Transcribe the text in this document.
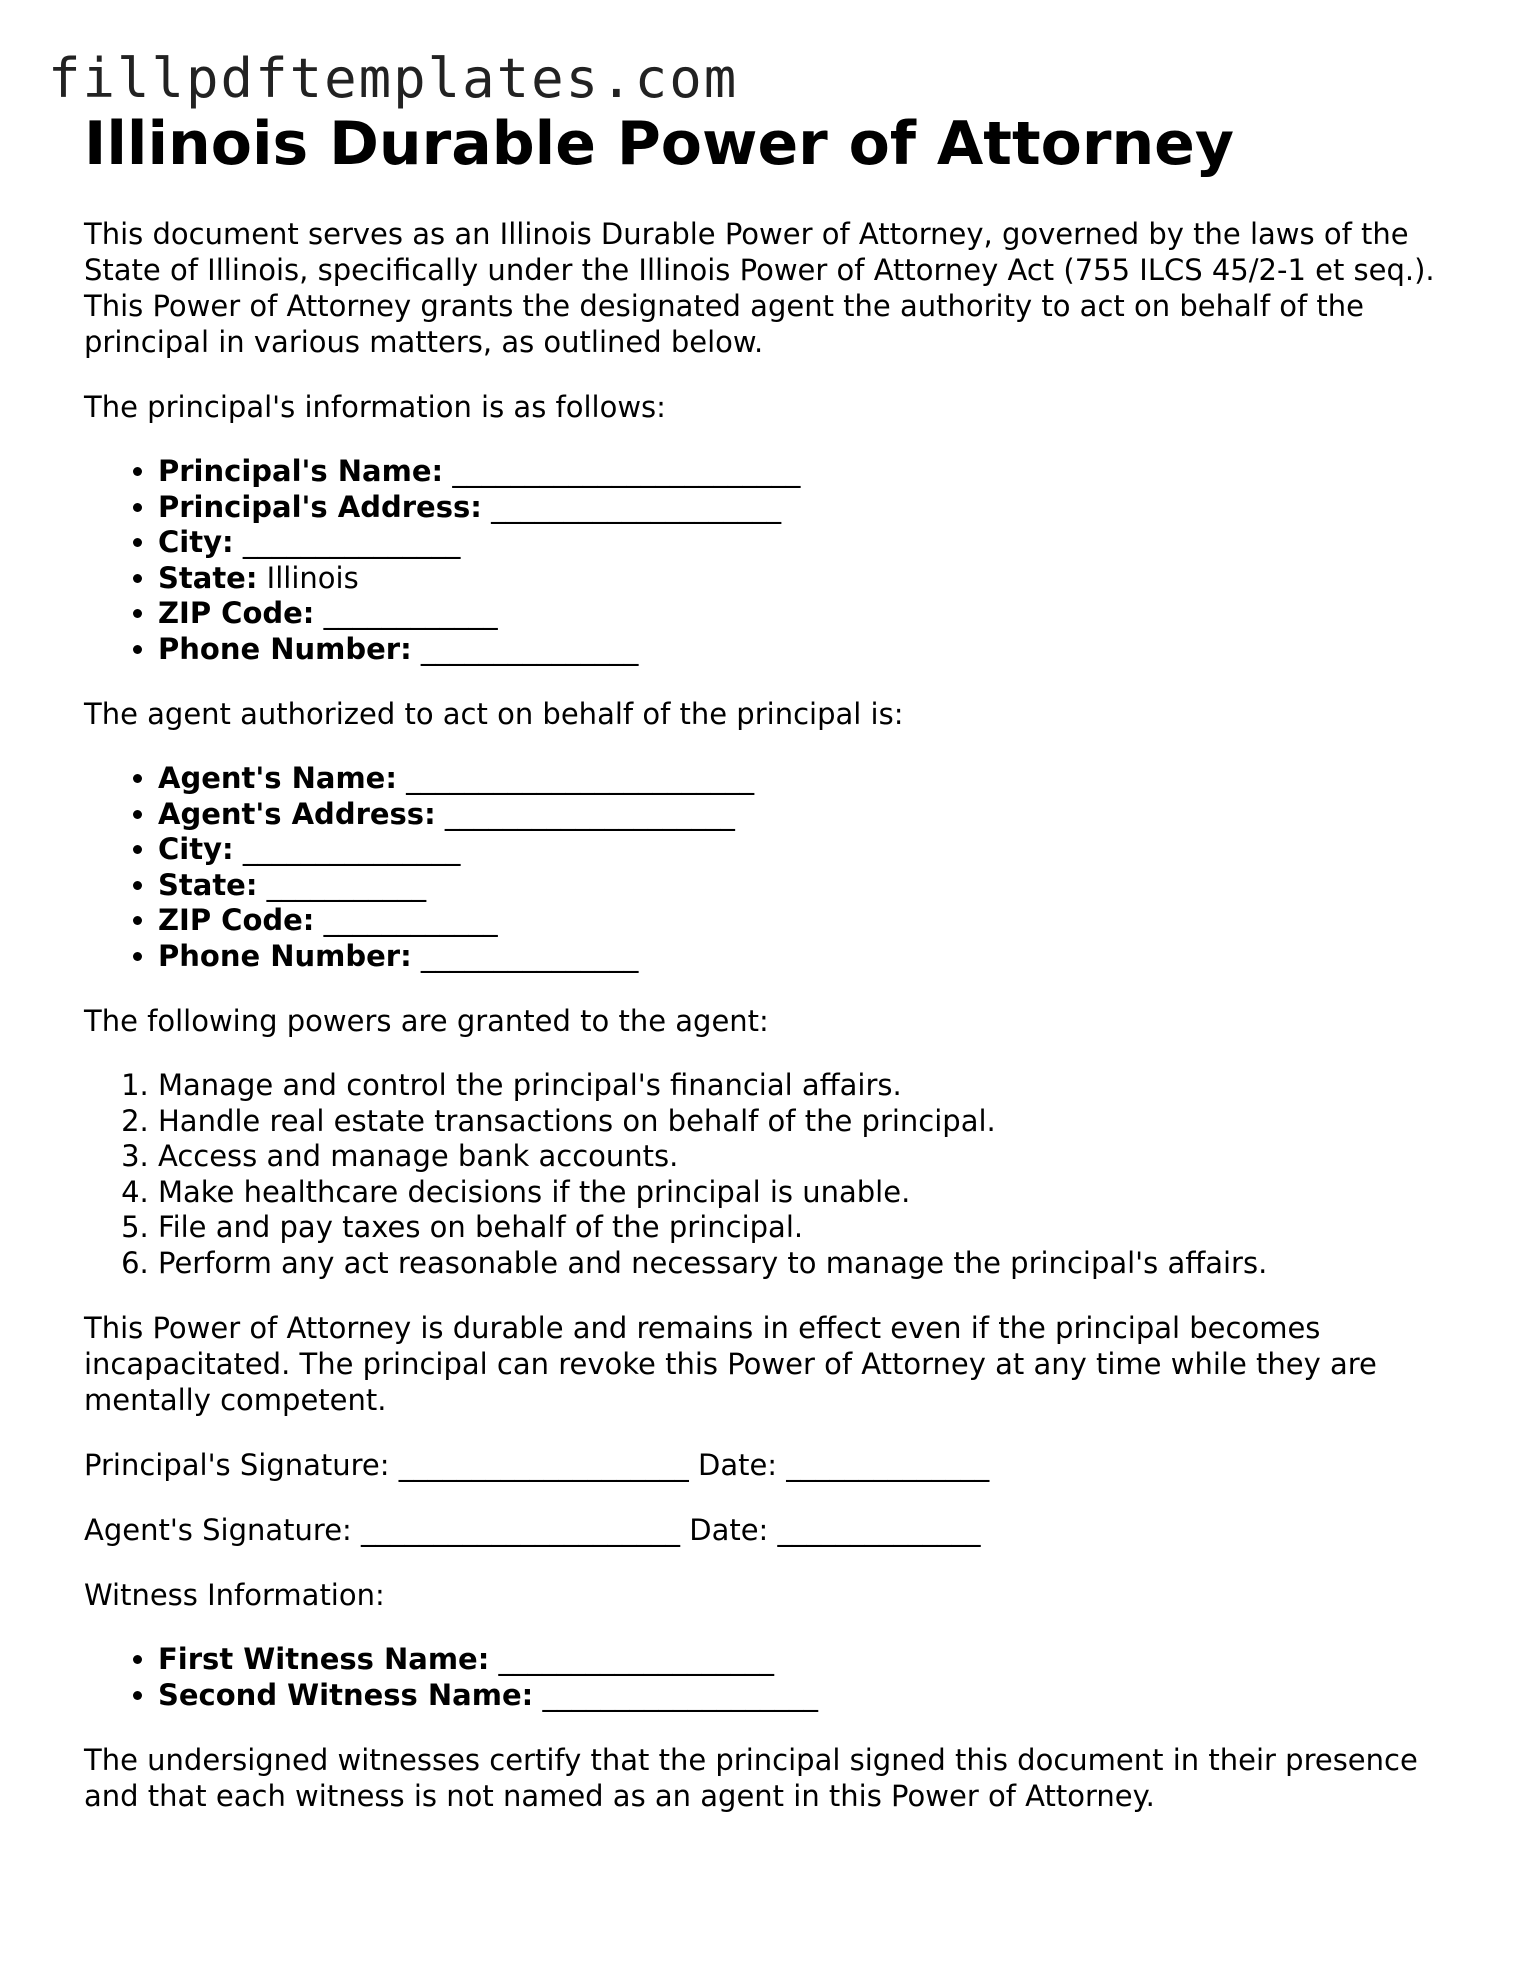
fillpdftemplates.com
Illinois Durable Power of Attorney

This document serves as an Illinois Durable Power of Attorney, governed by the laws of the State of Illinois, specifically under the Illinois Power of Attorney Act (755 ILCS 45/2-1 et seq.). This Power of Attorney grants the designated agent the authority to act on behalf of the principal in various matters, as outlined below.

The principal's information is as follows:

• Principal's Name: ________________________
• Principal's Address: ____________________
• City: _______________
• State: Illinois
• ZIP Code: ____________
• Phone Number: _______________

The agent authorized to act on behalf of the principal is:

• Agent's Name: ________________________
• Agent's Address: ____________________
• City: _______________
• State: ___________
• ZIP Code: ____________
• Phone Number: _______________

The following powers are granted to the agent:

1. Manage and control the principal's financial affairs.
2. Handle real estate transactions on behalf of the principal.
3. Access and manage bank accounts.
4. Make healthcare decisions if the principal is unable.
5. File and pay taxes on behalf of the principal.
6. Perform any act reasonable and necessary to manage the principal's affairs.

This Power of Attorney is durable and remains in effect even if the principal becomes incapacitated. The principal can revoke this Power of Attorney at any time while they are mentally competent.

Principal's Signature: ____________________ Date: ______________

Agent's Signature: ______________________ Date: ______________

Witness Information:

• First Witness Name: ___________________
• Second Witness Name: ___________________

The undersigned witnesses certify that the principal signed this document in their presence and that each witness is not named as an agent in this Power of Attorney.
